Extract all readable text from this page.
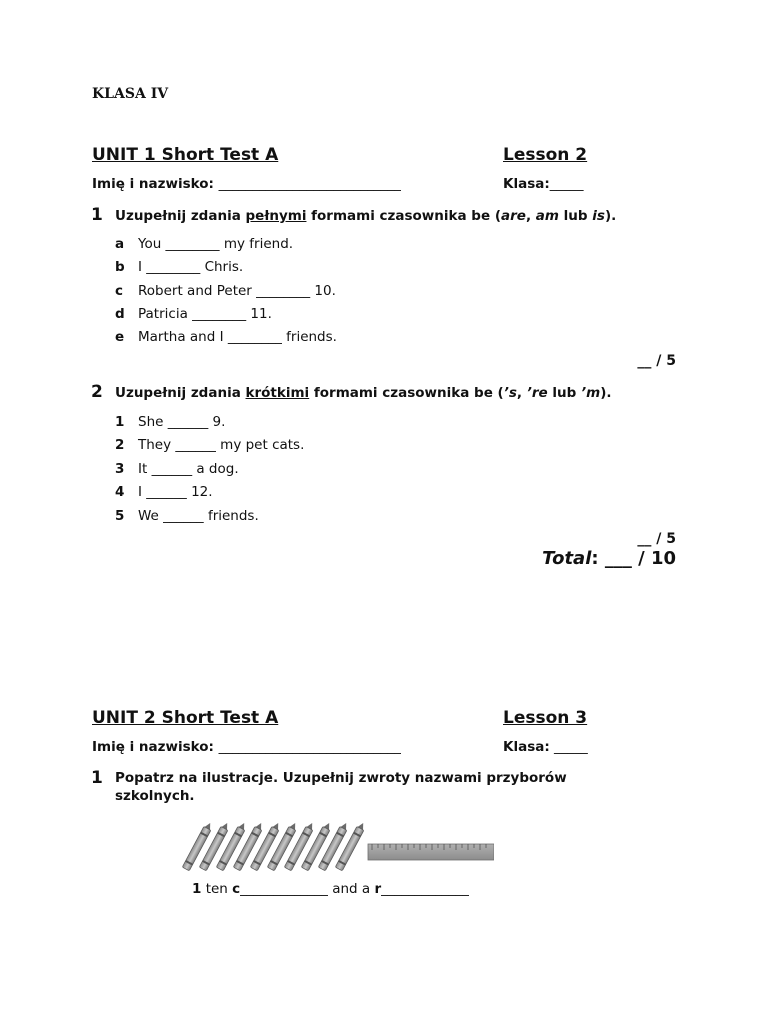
KLASA IV
UNIT 1 Short Test A	Lesson 2
Imię i nazwisko: ___________________________	Klasa:_____
1 Uzupełnij zdania pełnymi formami czasownika be (are, am lub is).
a You ________ my friend.
b I ________ Chris.
c Robert and Peter ________ 10.
d Patricia ________ 11.
e Martha and I ________ friends.
__ / 5
2 Uzupełnij zdania krótkimi formami czasownika be (’s, ’re lub ’m).
1 She ______ 9.
2 They ______ my pet cats.
3 It ______ a dog.
4 I ______ 12.
5 We ______ friends.
__ / 5
Total: ___ / 10
UNIT 2 Short Test A	Lesson 3
Imię i nazwisko: ___________________________	Klasa: _____
1 Popatrz na ilustracje. Uzupełnij zwroty nazwami przyborów
szkolnych.
1 ten c_____________ and a r_____________
